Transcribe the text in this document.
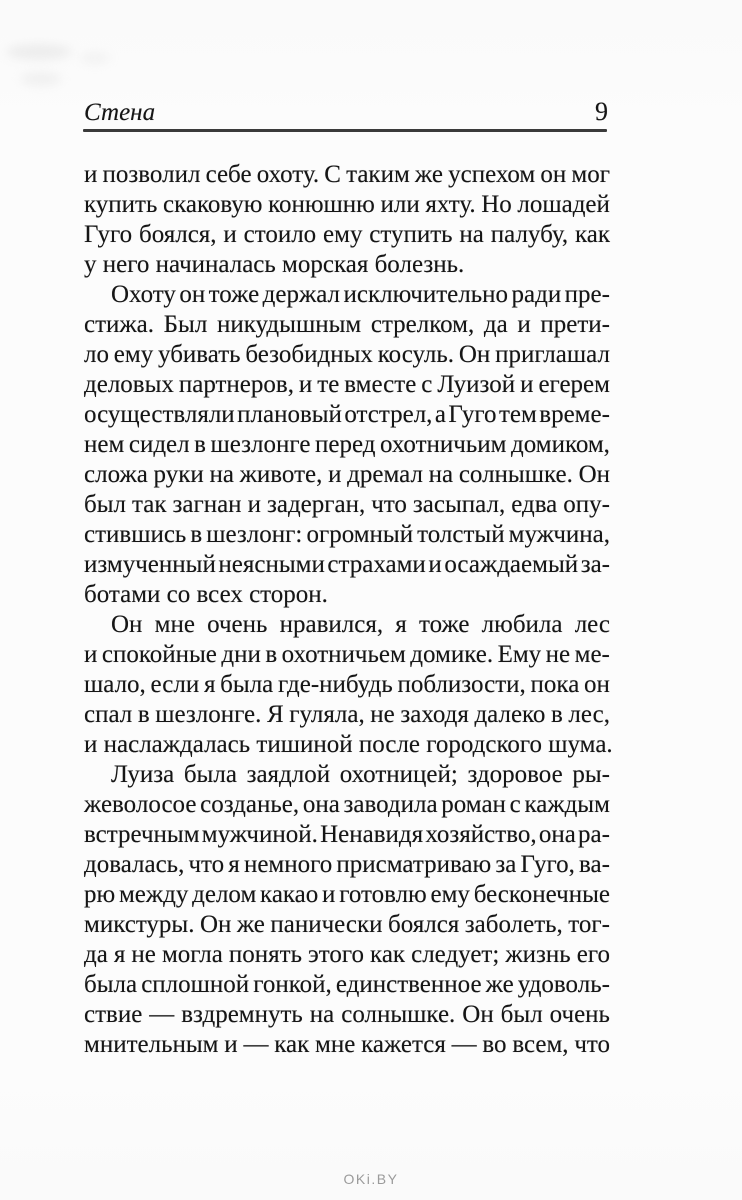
Стена	9
и позволил себе охоту. С таким же успехом он мог
купить скаковую конюшню или яхту. Но лошадей
Гуго боялся, и стоило ему ступить на палубу, как
у него начиналась морская болезнь.
Охоту он тоже держал исключительно ради пре-
стижа. Был никудышным стрелком, да и прети-
ло ему убивать безобидных косуль. Он приглашал
деловых партнеров, и те вместе с Луизой и егерем
осуществляли плановый отстрел, а Гуго тем време-
нем сидел в шезлонге перед охотничьим домиком,
сложа руки на животе, и дремал на солнышке. Он
был так загнан и задерган, что засыпал, едва опу-
стившись в шезлонг: огромный толстый мужчина,
измученный неясными страхами и осаждаемый за-
ботами со всех сторон.
Он мне очень нравился, я тоже любила лес
и спокойные дни в охотничьем домике. Ему не ме-
шало, если я была где-нибудь поблизости, пока он
спал в шезлонге. Я гуляла, не заходя далеко в лес,
и наслаждалась тишиной после городского шума.
Луиза была заядлой охотницей; здоровое ры-
жеволосое созданье, она заводила роман с каждым
встречным мужчиной. Ненавидя хозяйство, она ра-
довалась, что я немного присматриваю за Гуго, ва-
рю между делом какао и готовлю ему бесконечные
микстуры. Он же панически боялся заболеть, тог-
да я не могла понять этого как следует; жизнь его
была сплошной гонкой, единственное же удоволь-
ствие — вздремнуть на солнышке. Он был очень
мнительным и — как мне кажется — во всем, что
OKi.BY
